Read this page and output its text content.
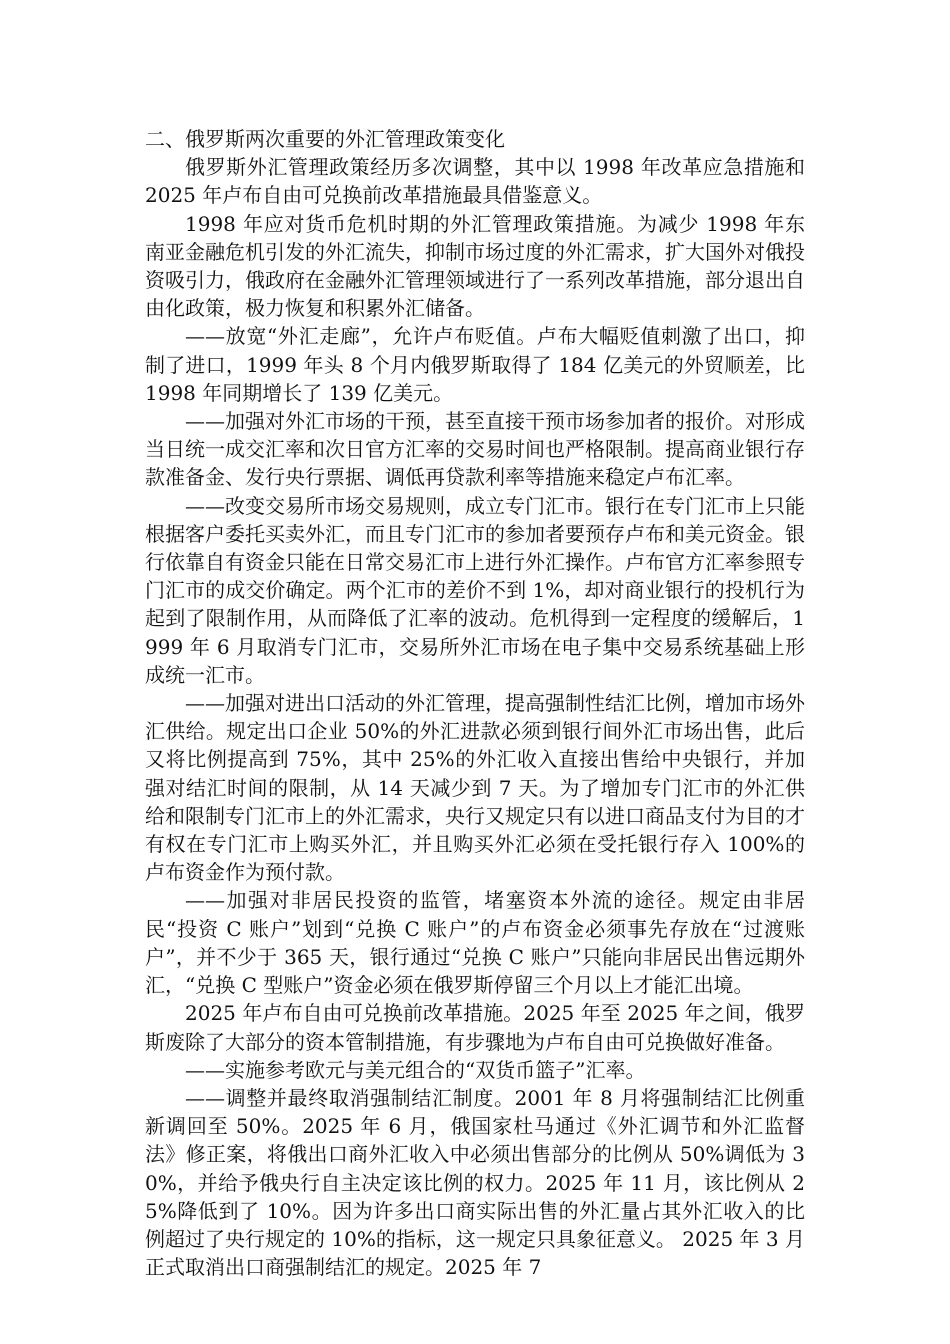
二、俄罗斯两次重要的外汇管理政策变化

俄罗斯外汇管理政策经历多次调整，其中以 1998 年改革应急措施和 2025 年卢布自由可兑换前改革措施最具借鉴意义。

1998 年应对货币危机时期的外汇管理政策措施。为减少 1998 年东南亚金融危机引发的外汇流失，抑制市场过度的外汇需求，扩大国外对俄投资吸引力，俄政府在金融外汇管理领域进行了一系列改革措施，部分退出自由化政策，极力恢复和积累外汇储备。

——放宽“外汇走廊”，允许卢布贬值。卢布大幅贬值刺激了出口，抑制了进口，1999 年头 8 个月内俄罗斯取得了 184 亿美元的外贸顺差，比 1998 年同期增长了 139 亿美元。

——加强对外汇市场的干预，甚至直接干预市场参加者的报价。对形成当日统一成交汇率和次日官方汇率的交易时间也严格限制。提高商业银行存款准备金、发行央行票据、调低再贷款利率等措施来稳定卢布汇率。

——改变交易所市场交易规则，成立专门汇市。银行在专门汇市上只能根据客户委托买卖外汇，而且专门汇市的参加者要预存卢布和美元资金。银行依靠自有资金只能在日常交易汇市上进行外汇操作。卢布官方汇率参照专门汇市的成交价确定。两个汇市的差价不到 1%，却对商业银行的投机行为起到了限制作用，从而降低了汇率的波动。危机得到一定程度的缓解后，1999 年 6 月取消专门汇市，交易所外汇市场在电子集中交易系统基础上形成统一汇市。

——加强对进出口活动的外汇管理，提高强制性结汇比例，增加市场外汇供给。规定出口企业 50%的外汇进款必须到银行间外汇市场出售，此后又将比例提高到 75%，其中 25%的外汇收入直接出售给中央银行，并加强对结汇时间的限制，从 14 天减少到 7 天。为了增加专门汇市的外汇供给和限制专门汇市上的外汇需求，央行又规定只有以进口商品支付为目的才有权在专门汇市上购买外汇，并且购买外汇必须在受托银行存入 100%的卢布资金作为预付款。

——加强对非居民投资的监管，堵塞资本外流的途径。规定由非居民“投资 C 账户”划到“兑换 C 账户”的卢布资金必须事先存放在“过渡账户”，并不少于 365 天，银行通过“兑换 C 账户”只能向非居民出售远期外汇，“兑换 C 型账户”资金必须在俄罗斯停留三个月以上才能汇出境。

2025 年卢布自由可兑换前改革措施。2025 年至 2025 年之间，俄罗斯废除了大部分的资本管制措施，有步骤地为卢布自由可兑换做好准备。

——实施参考欧元与美元组合的“双货币篮子”汇率。

——调整并最终取消强制结汇制度。2001 年 8 月将强制结汇比例重新调回至 50%。2025 年 6 月，俄国家杜马通过《外汇调节和外汇监督法》修正案，将俄出口商外汇收入中必须出售部分的比例从 50%调低为 30%，并给予俄央行自主决定该比例的权力。2025 年 11 月，该比例从 25%降低到了 10%。因为许多出口商实际出售的外汇量占其外汇收入的比例超过了央行规定的 10%的指标，这一规定只具象征意义。 2025 年 3 月正式取消出口商强制结汇的规定。2025 年 7
